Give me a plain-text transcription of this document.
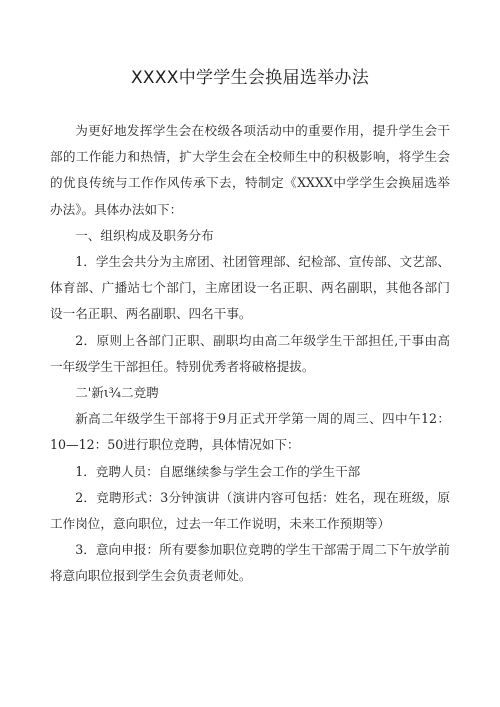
XXXX中学学生会换届选举办法

为更好地发挥学生会在校级各项活动中的重要作用，提升学生会干部的工作能力和热情，扩大学生会在全校师生中的积极影响，将学生会的优良传统与工作作风传承下去，特制定《XXXX中学学生会换届选举办法》。具体办法如下：

一、组织构成及职务分布

1．学生会共分为主席团、社团管理部、纪检部、宣传部、文艺部、体育部、广播站七个部门，主席团设一名正职、两名副职，其他各部门设一名正职、两名副职、四名干事。

2．原则上各部门正职、副职均由高二年级学生干部担任,干事由高一年级学生干部担任。特别优秀者将破格提拔。

二'新ι¾二竞聘

新高二年级学生干部将于9月正式开学第一周的周三、四中午12：10—12：50进行职位竞聘，具体情况如下：

1．竞聘人员：自愿继续参与学生会工作的学生干部

2．竞聘形式：3分钟演讲（演讲内容可包括：姓名，现在班级，原工作岗位，意向职位，过去一年工作说明，未来工作预期等）

3．意向申报：所有要参加职位竞聘的学生干部需于周二下午放学前将意向职位报到学生会负责老师处。
